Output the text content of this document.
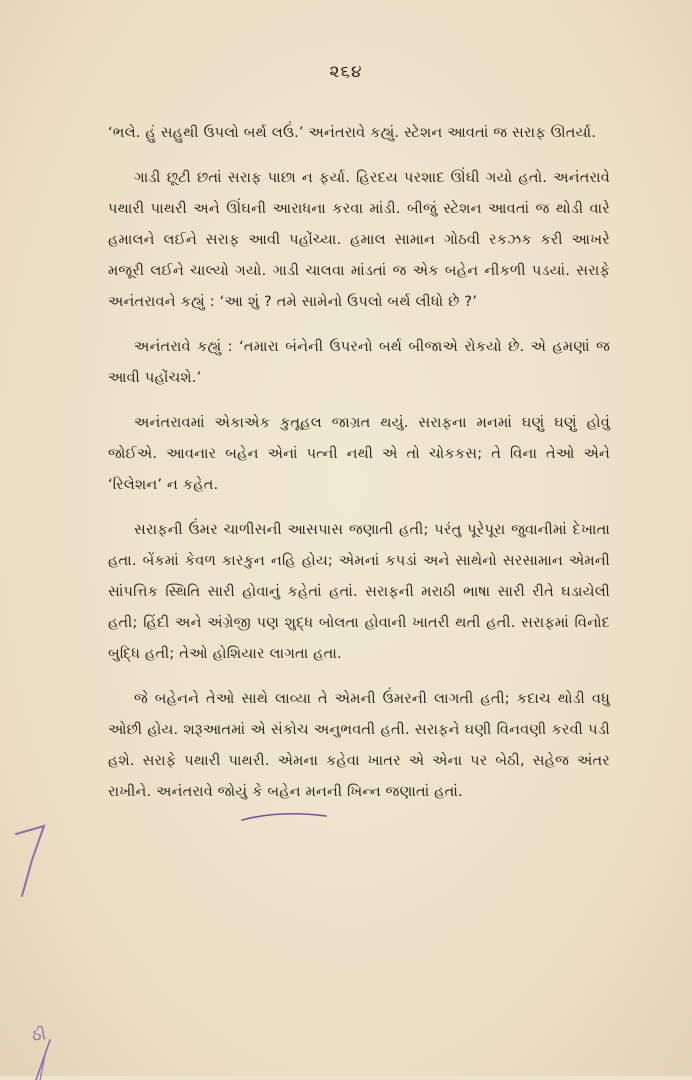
૨૬૪

‘ભલે. હું સહુથી ઉપલો બર્થ લઉં.’ અનંતરાવે કહ્યું. સ્ટેશન આવતાં જ સરાફ ઊતર્યા.

ગાડી છૂટી છતાં સરાફ પાછા ન ફર્યા. હિરદય પરશાદ ઊંઘી ગયો હતો. અનંતરાવે પથારી પાથરી અને ઊંઘની આરાધના કરવા માંડી. બીજું સ્ટેશન આવતાં જ થોડી વારે હમાલને લઈને સરાફ આવી પહોંચ્યા. હમાલ સામાન ગોઠવી રકઝક કરી આખરે મજૂરી લઈને ચાલ્યો ગયો. ગાડી ચાલવા માંડતાં જ એક બહેન નીકળી પડયાં. સરાફે અનંતરાવને કહ્યું : ‘આ શું ? તમે સામેનો ઉપલો બર્થ લીધો છે ?’

અનંતરાવે કહ્યું : ‘તમારા બંનેની ઉપરનો બર્થ બીજાએ રોકયો છે. એ હમણાં જ આવી પહોંચશે.’

અનંતરાવમાં એકાએક કુતૂહલ જાગ્રત થયું. સરાફના મનમાં ઘણું ઘણું હોવું જોઈએ. આવનાર બહેન એનાં પત્ની નથી એ તો ચોકકસ; તે વિના તેઓ એને ‘રિલેશન’ ન કહેત.

સરાફની ઉંમર ચાળીસની આસપાસ જણાતી હતી; પરંતુ પૂરેપૂરા જુવાનીમાં દેખાતા હતા. બેંકમાં કેવળ કારકુન નહિ હોય; એમનાં કપડાં અને સાથેનો સરસામાન એમની સાંપત્તિક સ્થિતિ સારી હોવાનું કહેતાં હતાં. સરાફની મરાઠી ભાષા સારી રીતે ઘડાયેલી હતી; હિંદી અને અંગ્રેજી પણ શુદ્ધ બોલતા હોવાની ખાતરી થતી હતી. સરાફમાં વિનોદ બુદ્ધિ હતી; તેઓ હોશિયાર લાગતા હતા.

જે બહેનને તેઓ સાથે લાવ્યા તે એમની ઉંમરની લાગતી હતી; કદાચ થોડી વધુ ઓછી હોય. શરૂઆતમાં એ સંકોચ અનુભવતી હતી. સરાફને ઘણી વિનવણી કરવી પડી હશે. સરાફે પથારી પાથરી. એમના કહેવા ખાતર એ એના પર બેઠી, સહેજ અંતર રાખીને. અનંતરાવે જોયું કે બહેન મનની ખિન્ન જણાતાં હતાં.

ઠી
